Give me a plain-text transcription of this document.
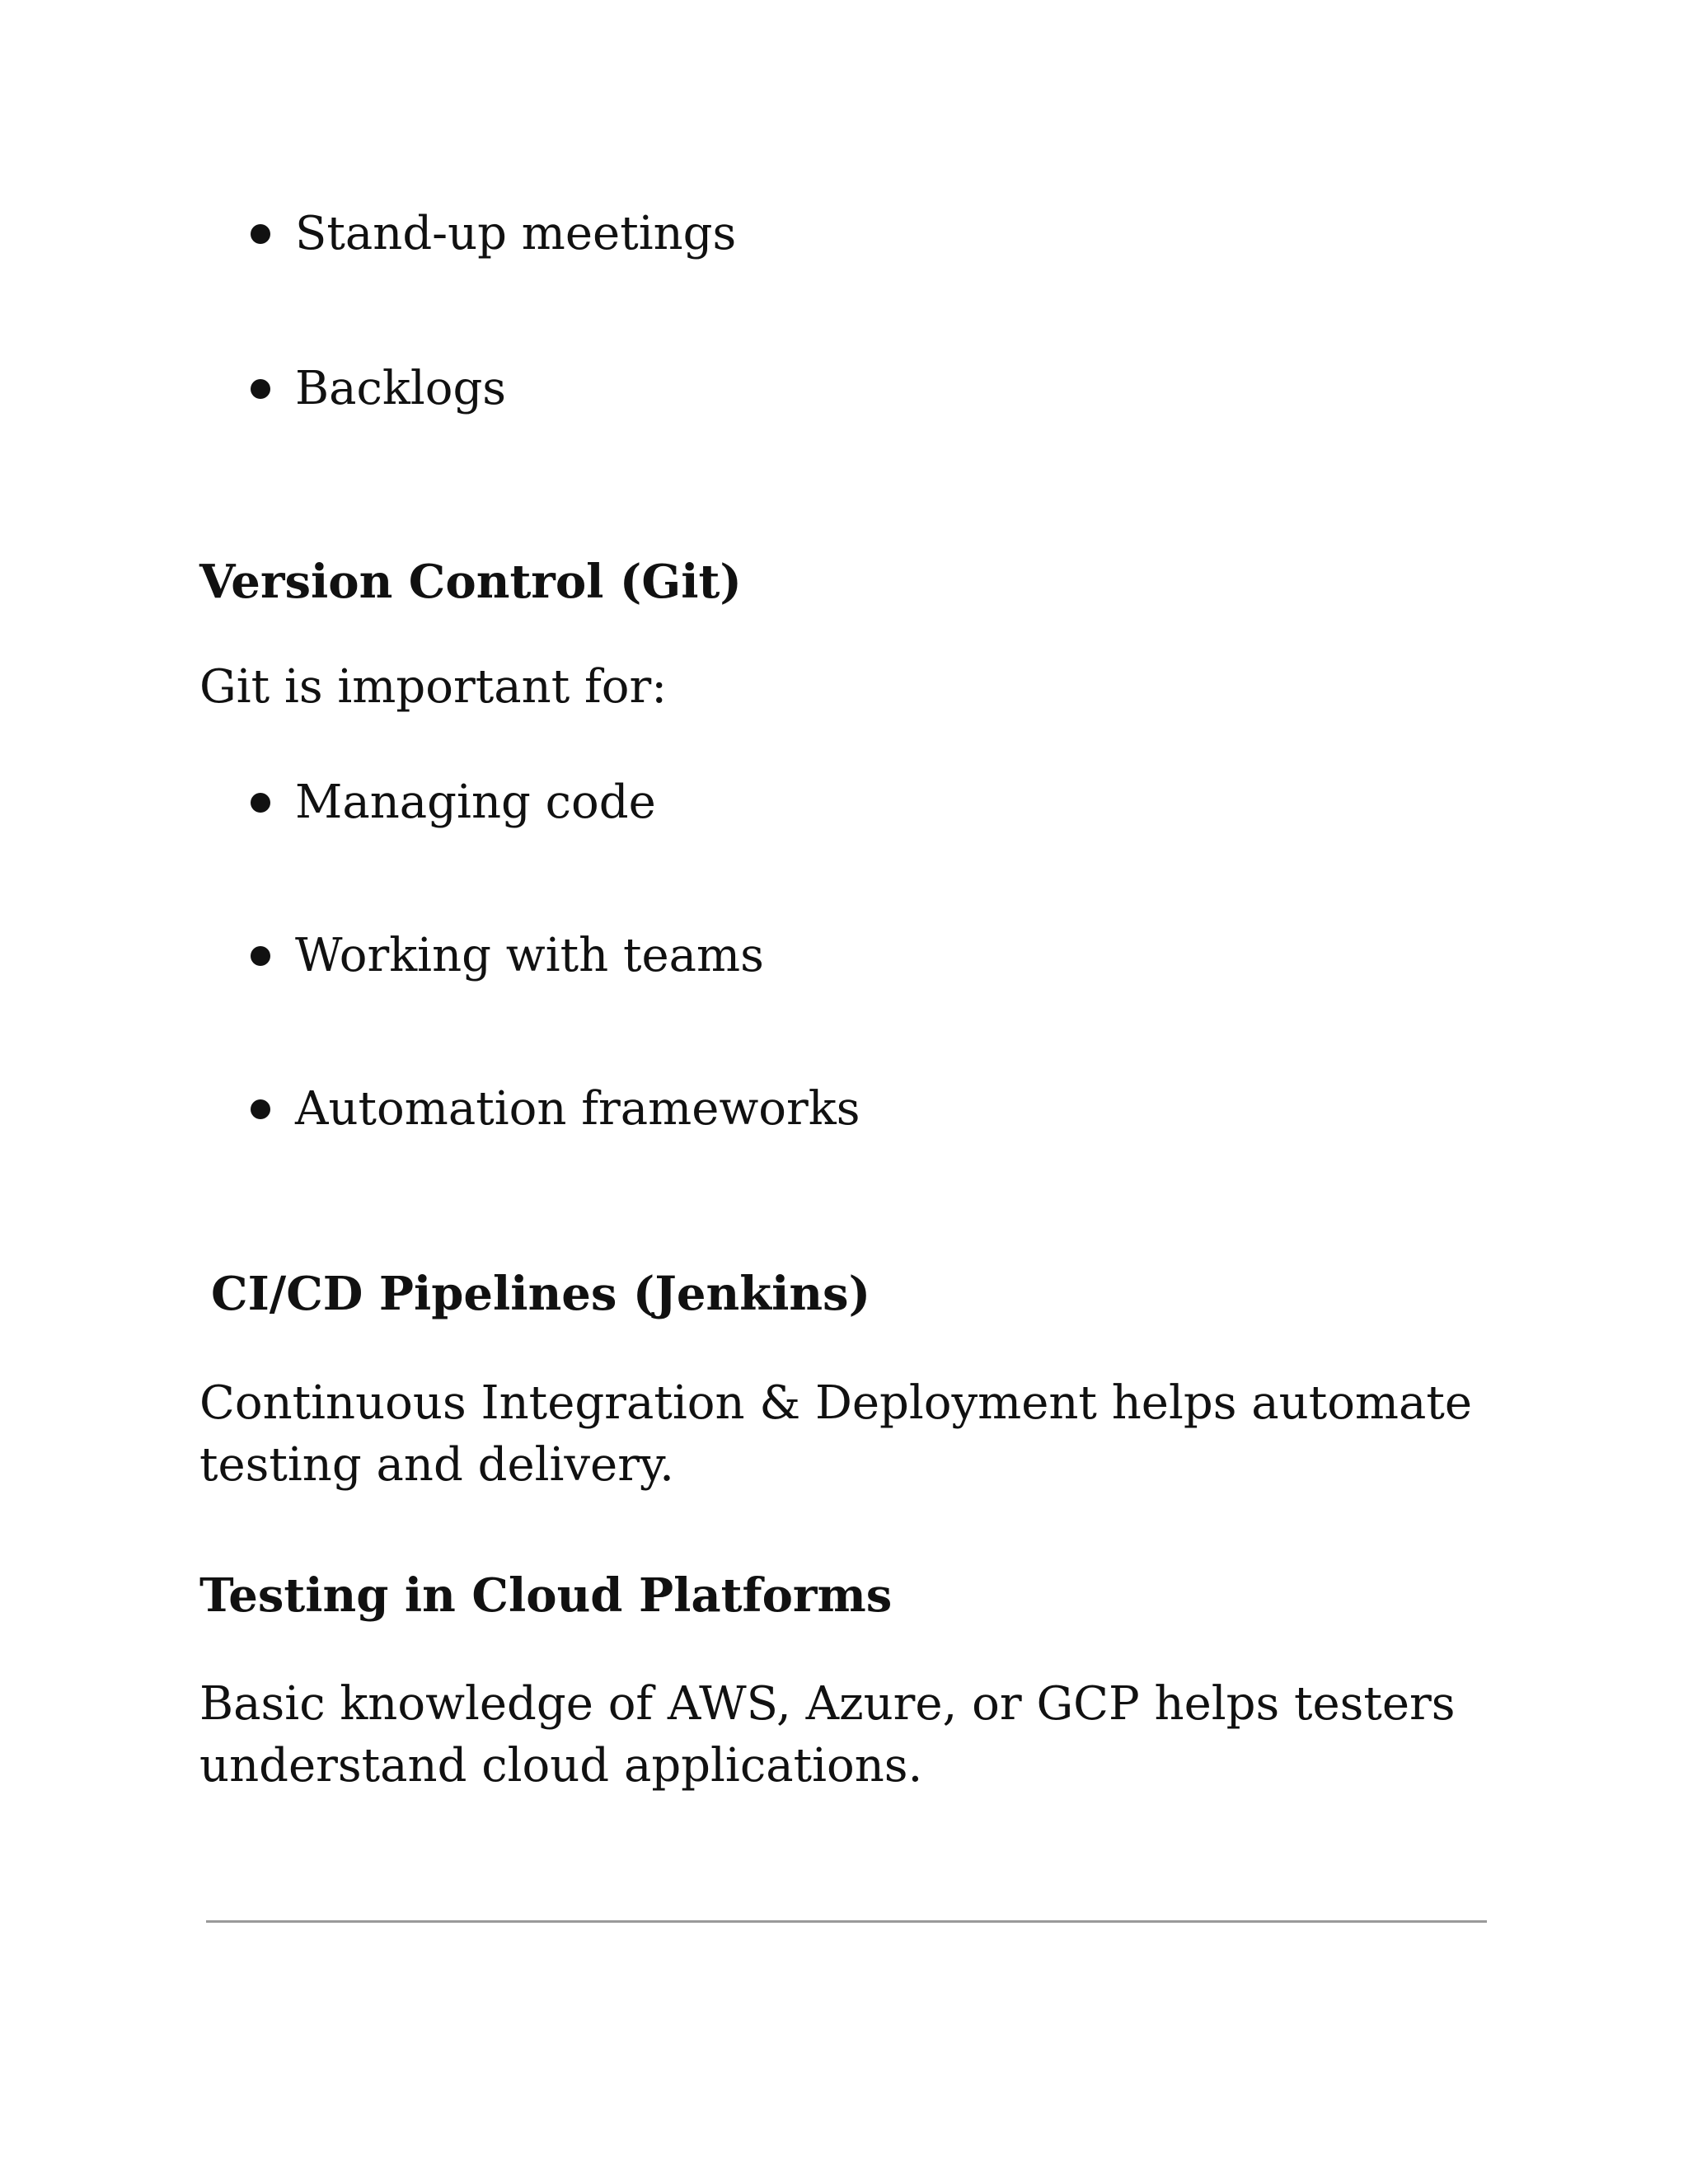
Stand-up meetings
Backlogs
Version Control (Git)
Git is important for:
Managing code
Working with teams
Automation frameworks
CI/CD Pipelines (Jenkins)
Continuous Integration & Deployment helps automate
testing and delivery.
Testing in Cloud Platforms
Basic knowledge of AWS, Azure, or GCP helps testers
understand cloud applications.
